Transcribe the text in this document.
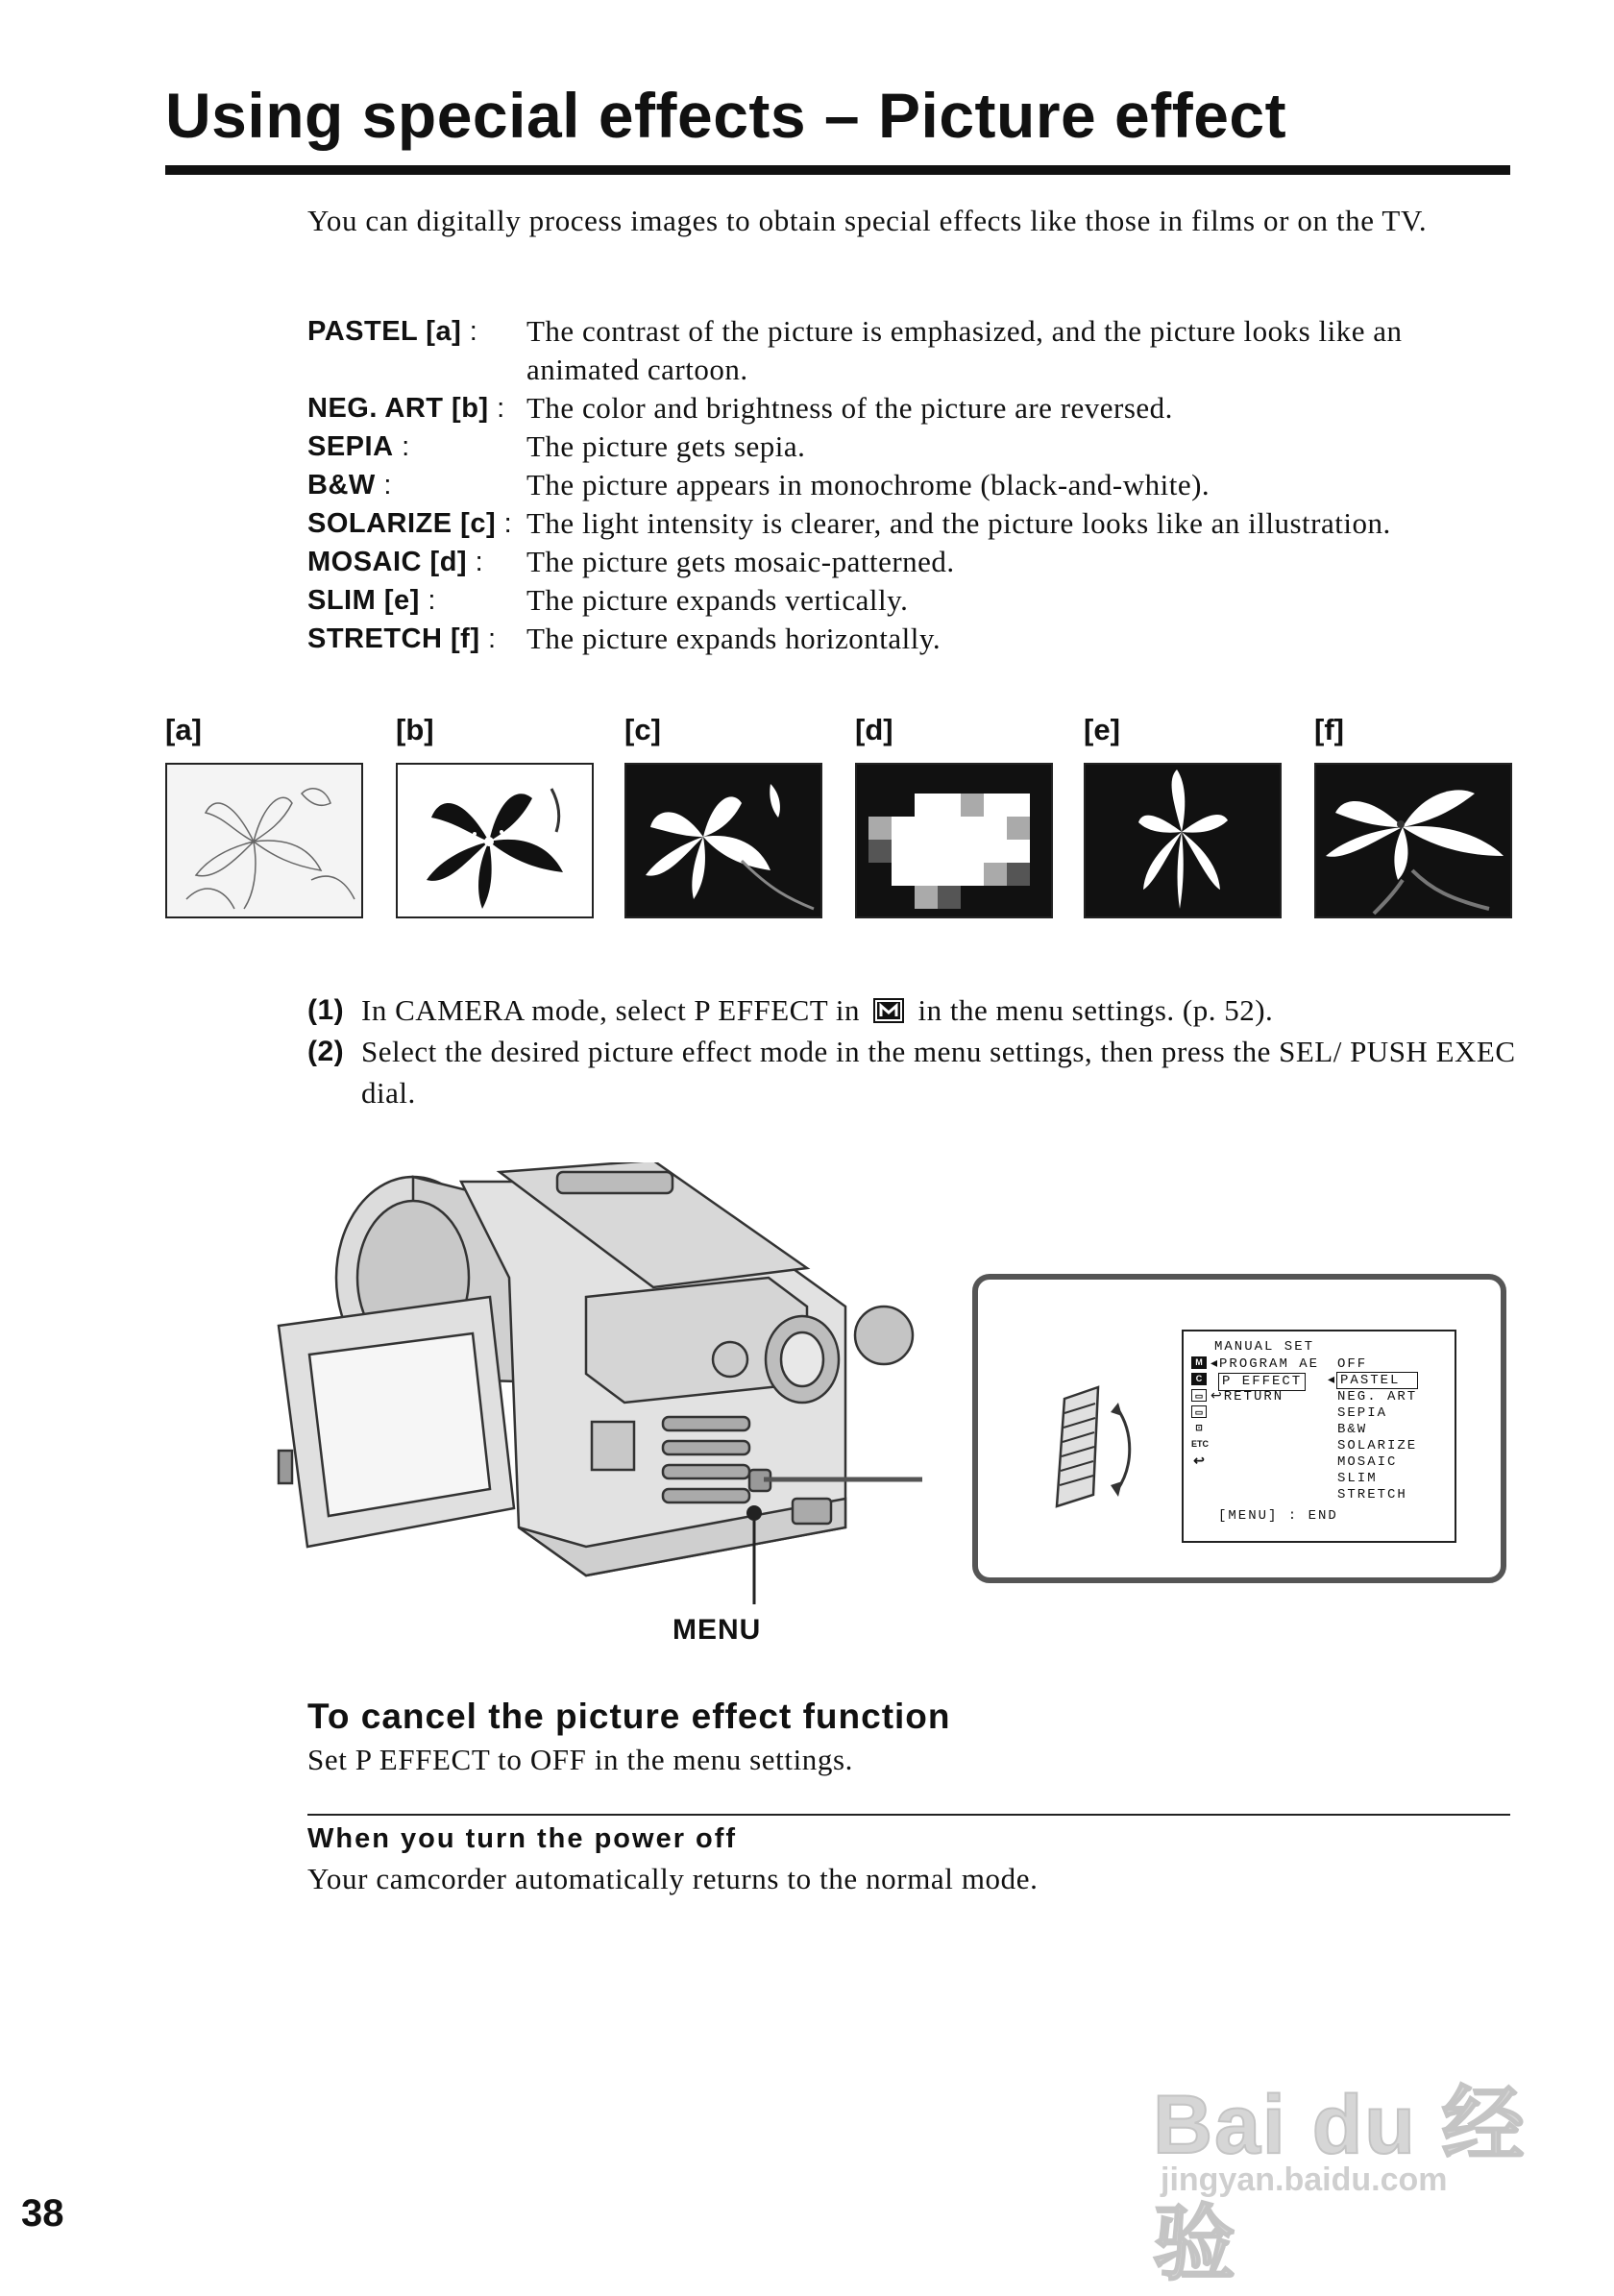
Using special effects – Picture effect
You can digitally process images to obtain special effects like those in films or on the TV.
PASTEL [a] :	The contrast of the picture is emphasized, and the picture looks like an animated cartoon.
NEG. ART [b] : The color and brightness of the picture are reversed.
SEPIA :	The picture gets sepia.
B&W :	The picture appears in monochrome (black-and-white).
SOLARIZE [c] : The light intensity is clearer, and the picture looks like an illustration.
MOSAIC [d] :	The picture gets mosaic-patterned.
SLIM [e] :	The picture expands vertically.
STRETCH [f] :	The picture expands horizontally.
[a]	[b]	[c]	[d]	[e]	[f]
(1) In CAMERA mode, select P EFFECT in in the menu settings. (p. 52).
(2) Select the desired picture effect mode in the menu settings, then press the SEL/ PUSH EXEC dial.
MENU
MANUAL SET
M
C
▭
▭
⊡
ETC
↩
◂PROGRAM AE
P EFFECT
↩RETURN
OFF
◂ PASTEL
NEG. ART
SEPIA
B&W
SOLARIZE
MOSAIC
SLIM
STRETCH
[MENU] : END
To cancel the picture effect function
Set P EFFECT to OFF in the menu settings.
When you turn the power off
Your camcorder automatically returns to the normal mode.
38
Bai du 经验
jingyan.baidu.com
